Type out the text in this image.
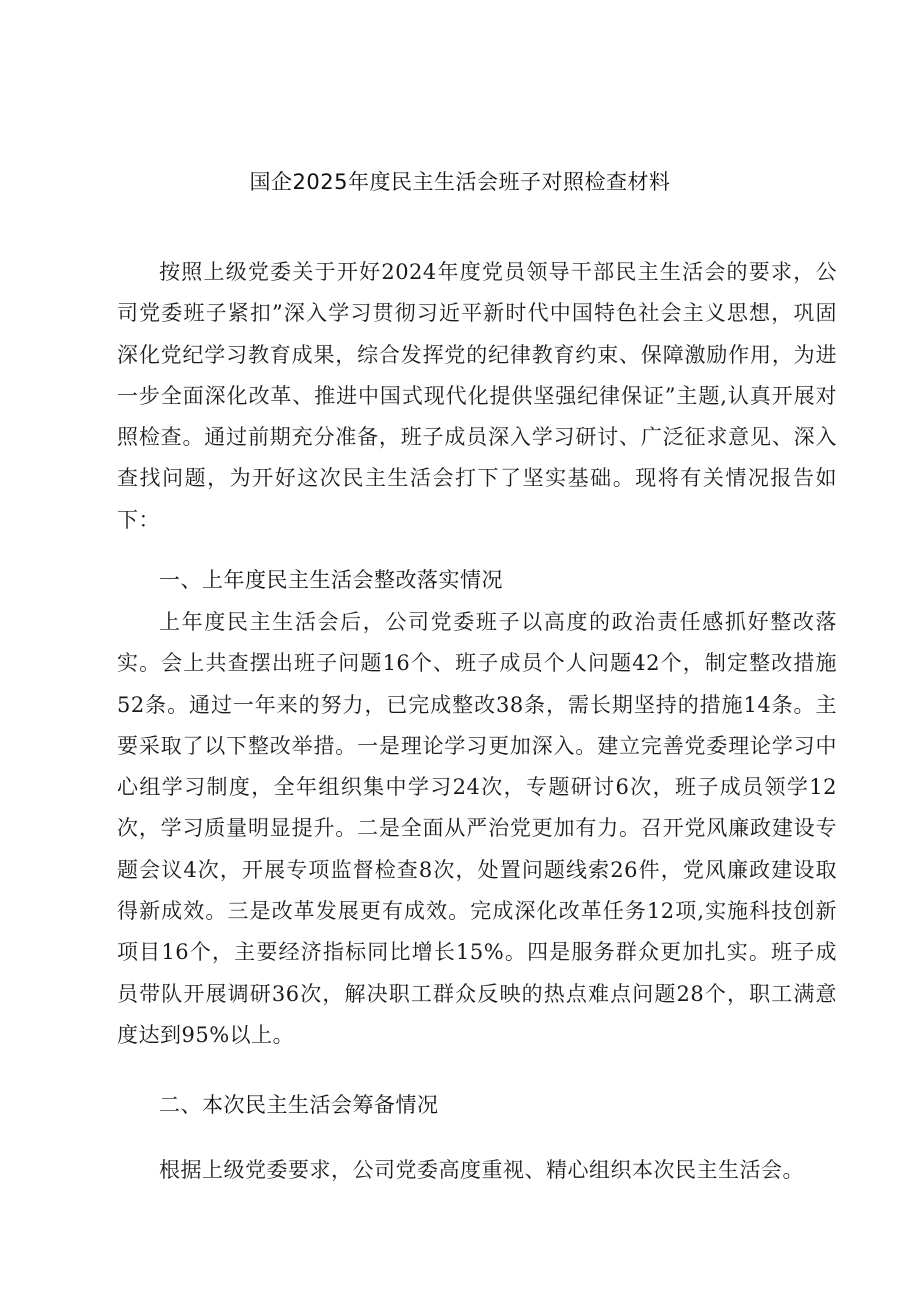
国企2025年度民主生活会班子对照检查材料

按照上级党委关于开好2024年度党员领导干部民主生活会的要求，公司党委班子紧扣”深入学习贯彻习近平新时代中国特色社会主义思想，巩固深化党纪学习教育成果，综合发挥党的纪律教育约束、保障激励作用，为进一步全面深化改革、推进中国式现代化提供坚强纪律保证”主题,认真开展对照检查。通过前期充分准备，班子成员深入学习研讨、广泛征求意见、深入查找问题，为开好这次民主生活会打下了坚实基础。现将有关情况报告如下：

一、上年度民主生活会整改落实情况

上年度民主生活会后，公司党委班子以高度的政治责任感抓好整改落实。会上共查摆出班子问题16个、班子成员个人问题42个，制定整改措施52条。通过一年来的努力，已完成整改38条，需长期坚持的措施14条。主要采取了以下整改举措。一是理论学习更加深入。建立完善党委理论学习中心组学习制度，全年组织集中学习24次，专题研讨6次，班子成员领学12次，学习质量明显提升。二是全面从严治党更加有力。召开党风廉政建设专题会议4次，开展专项监督检查8次，处置问题线索26件，党风廉政建设取得新成效。三是改革发展更有成效。完成深化改革任务12项,实施科技创新项目16个，主要经济指标同比增长15%。四是服务群众更加扎实。班子成员带队开展调研36次，解决职工群众反映的热点难点问题28个，职工满意度达到95%以上。

二、本次民主生活会筹备情况

根据上级党委要求，公司党委高度重视、精心组织本次民主生活会。
